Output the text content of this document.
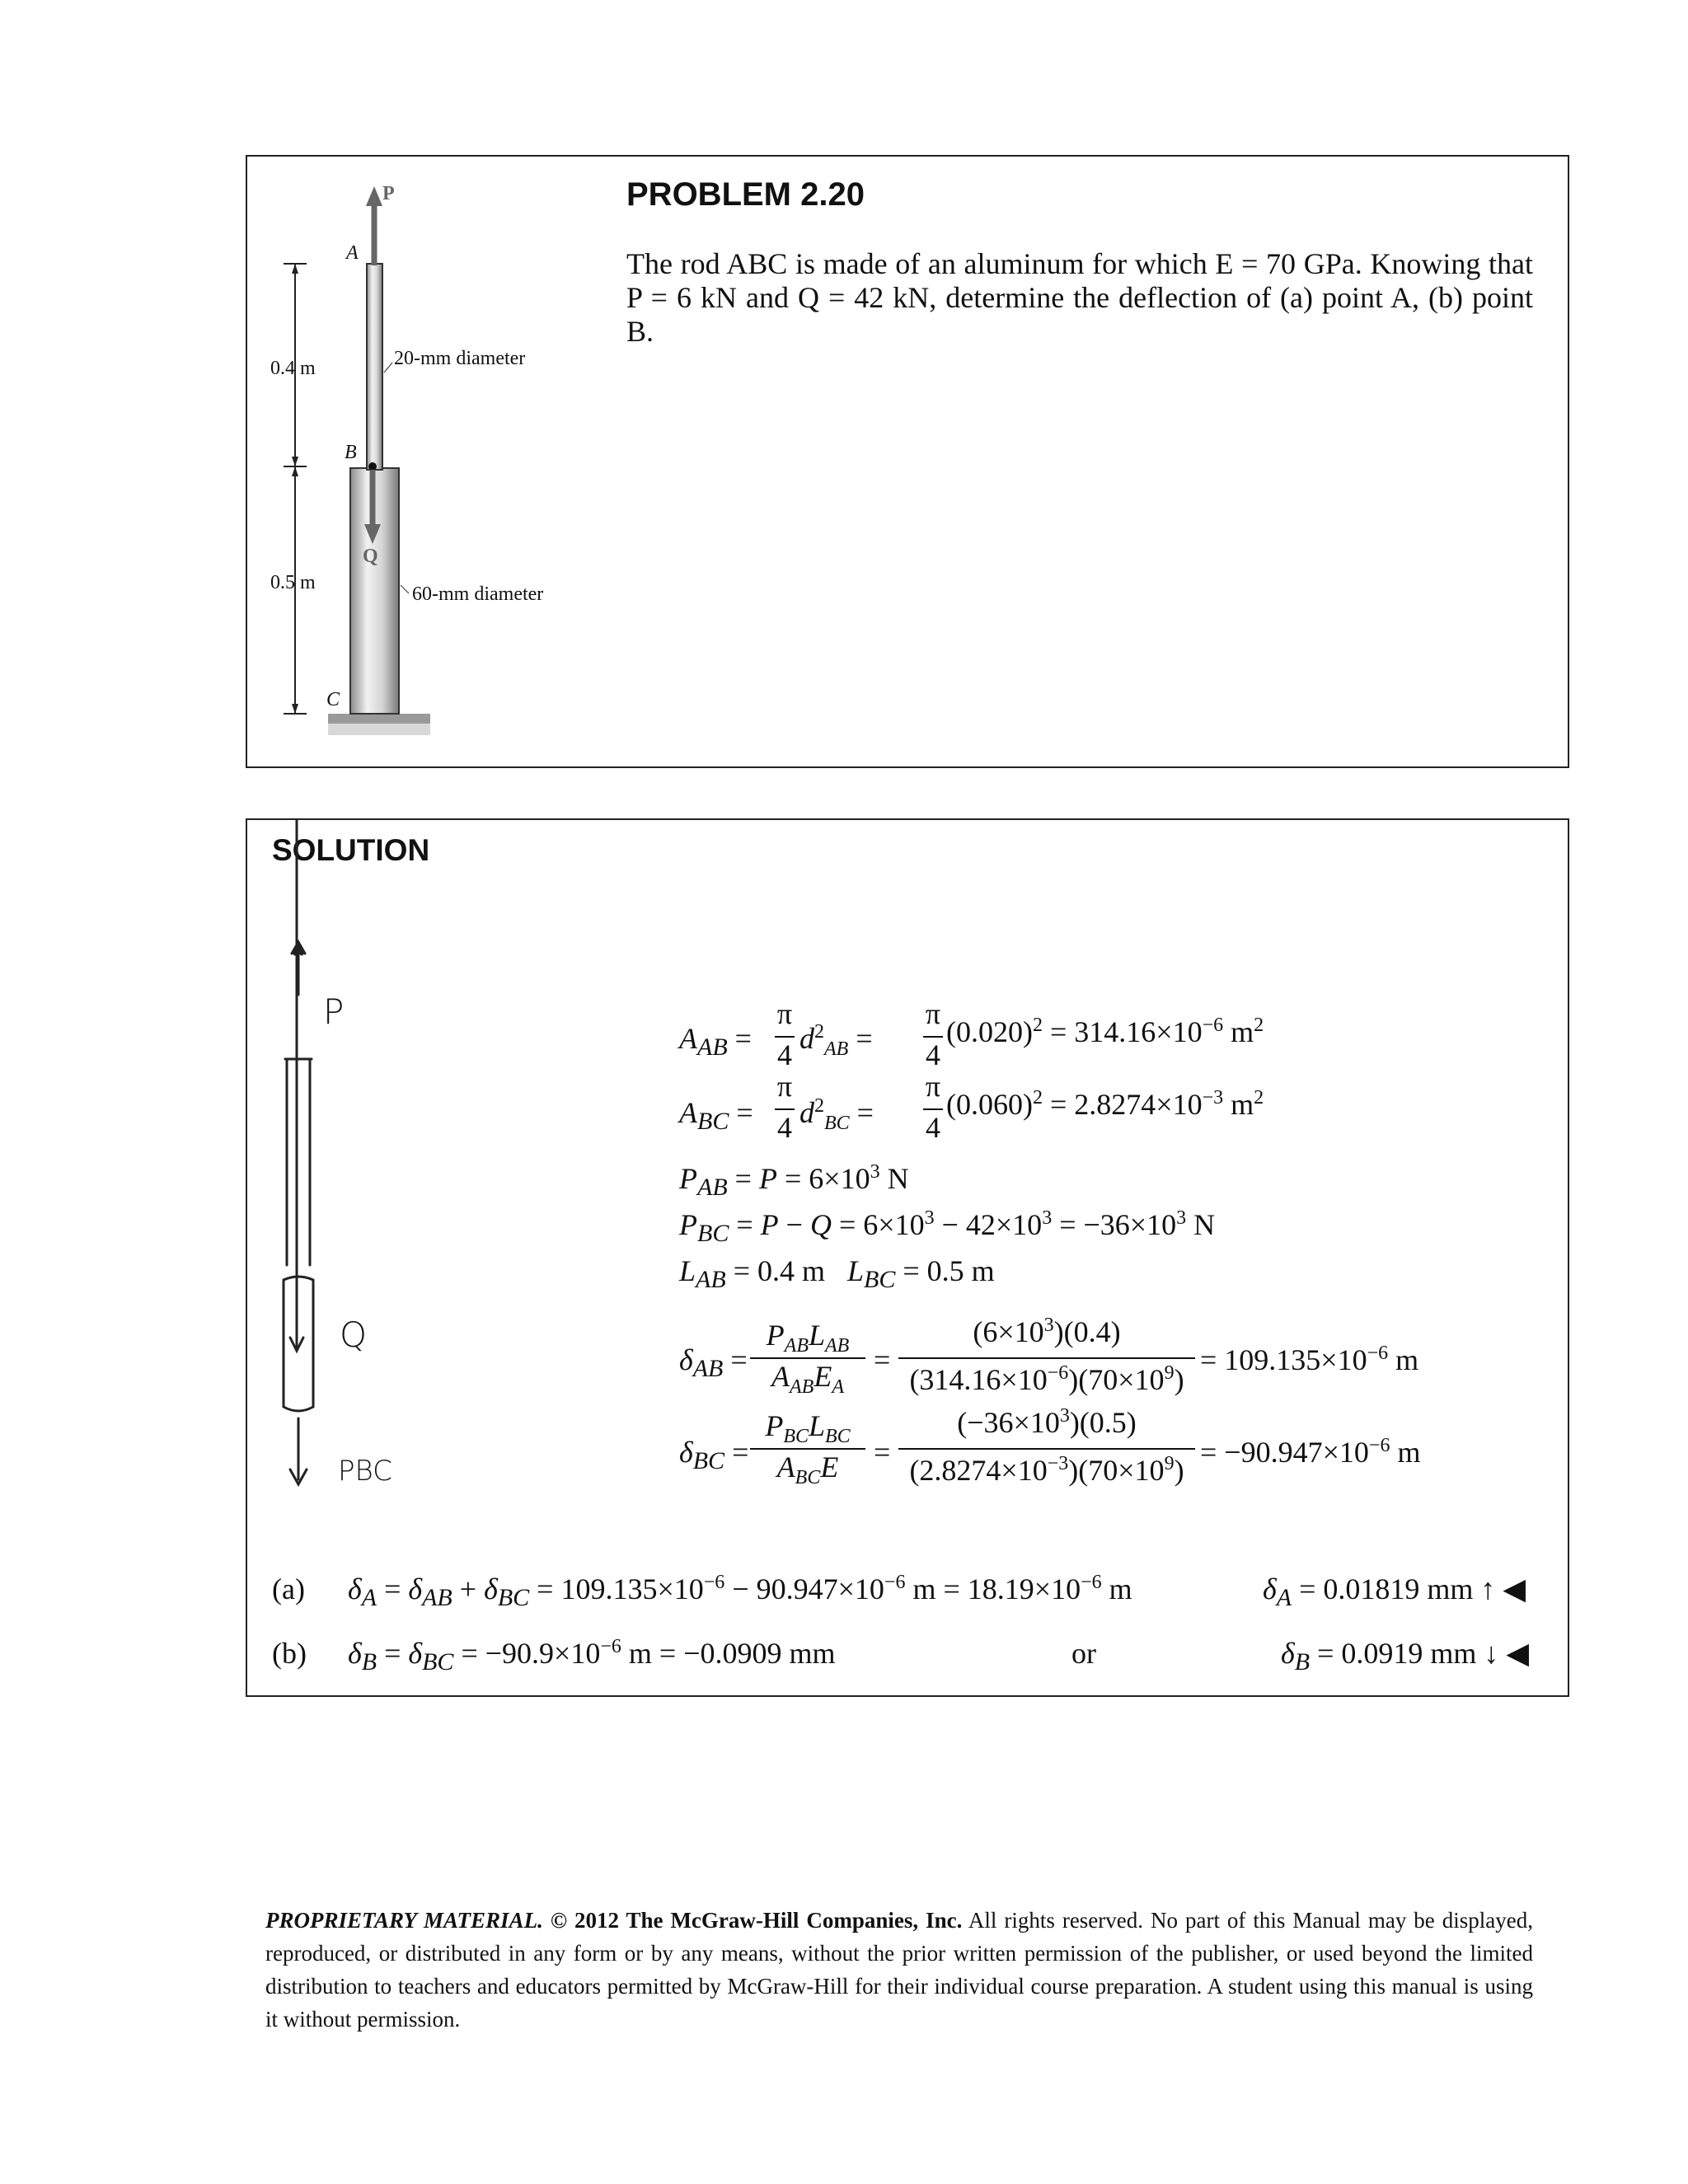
P
A
B
Q
C
0.4 m
0.5 m
20-mm diameter
60-mm diameter
PROBLEM 2.20
The rod ABC is made of an aluminum for which E = 70 GPa. Knowing that P = 6 kN and Q = 42 kN, determine the deflection of (a) point A, (b) point B.
SOLUTION
P
Q
PBC
$A_{AB}$ =
π
4 $d^2_{AB}$ =
π
4
$(0.020)^2 = 314.16\times 10^{-6}$ $m^2$
$A_{BC}$ =
π
4 $d^2_{BC}$ =
π
4
$(0.060)^2 = 2.8274\times 10^{-3}$ $m^2$
$P_{AB} = P = 6\times 10^3$ N
$P_{BC} = P - Q = 6\times 10^3 - 42\times 10^3 = -36\times 10^3$ N
$L_{AB} = 0.4$ m   $L_{BC} = 0.5$ m
$\delta_{AB}$ =
$P_{AB}L_{AB}$
$A_{AB}E_A$
=
$(6\times 10^3)(0.4)$
$(314.16\times 10^{-6})(70\times 10^9)$
= $109.135\times 10^{-6}$ m
$\delta_{BC}$ =
$P_{BC}L_{BC}$
$A_{BC}E$	=
$(-36\times 10^3)(0.5)$
$(2.8274\times 10^{-3})(70\times 10^9)$
= $-90.947\times 10^{-6}$ m
(a) $\delta_A = \delta_{AB} + \delta_{BC} = 109.135\times 10^{-6} - 90.947\times 10^{-6}$ $m = 18.19\times 10^{-6}$ m	$\delta_A = 0.01819$ mm ↑ ◀
(b) $\delta_B = \delta_{BC} = -90.9\times 10^{-6}$ m = −0.0909 mm	or	$\delta_B = 0.0919$ mm ↓ ◀
PROPRIETARY MATERIAL. © 2012 The McGraw-Hill Companies, Inc. All rights reserved. No part of this Manual may be displayed, reproduced, or distributed in any form or by any means, without the prior written permission of the publisher, or used beyond the limited distribution to teachers and educators permitted by McGraw-Hill for their individual course preparation. A student using this manual is using it without permission.
